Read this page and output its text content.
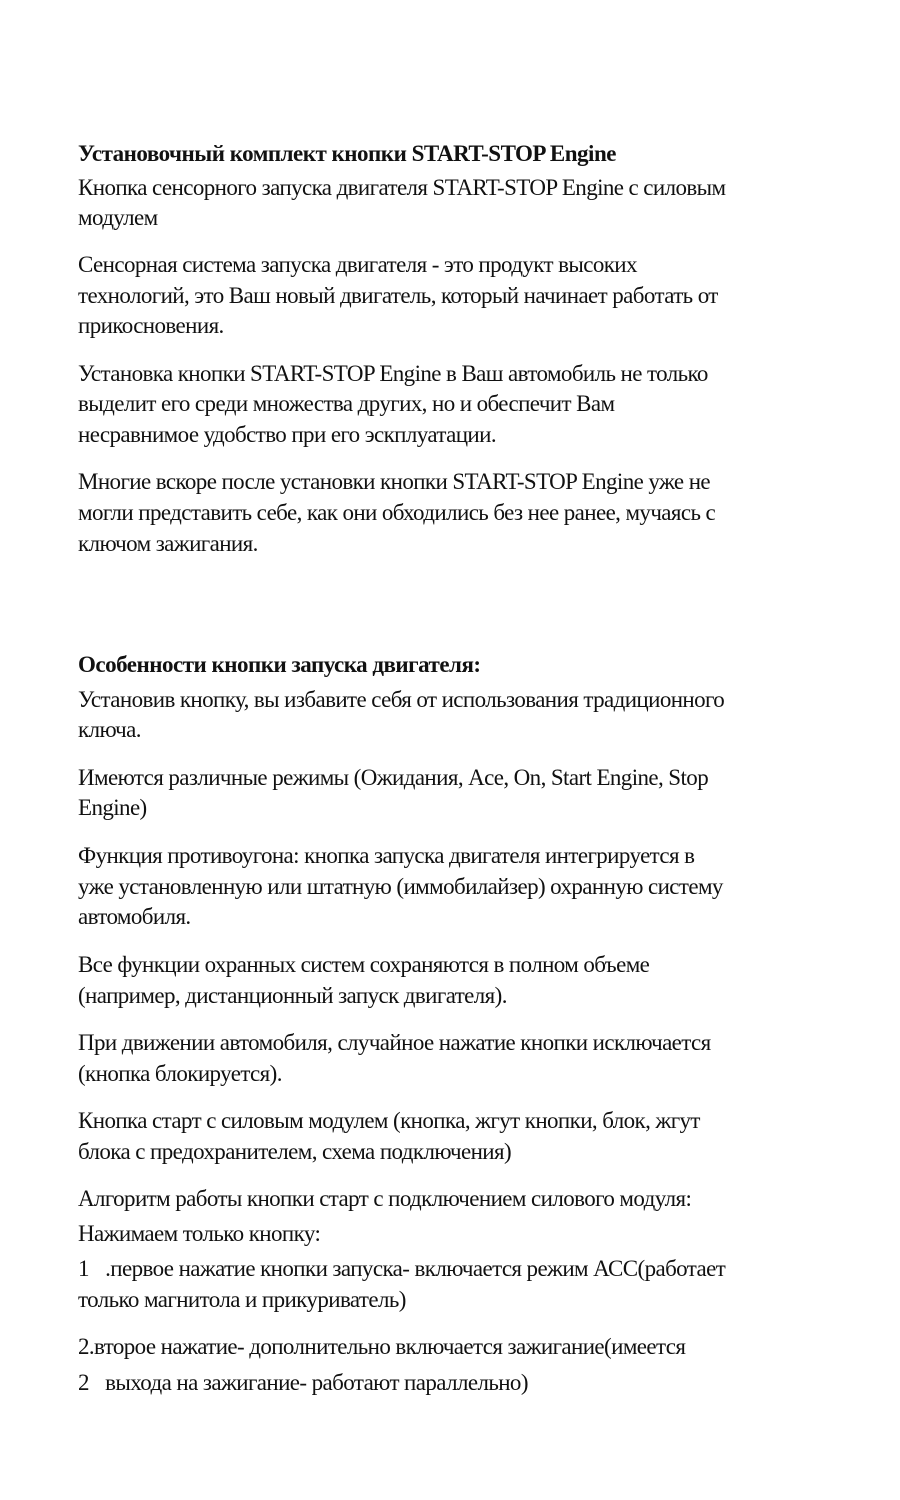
Установочный комплект кнопки START-STOP Engine
Кнопка сенсорного запуска двигателя START-STOP Engine с силовым
модулем
Сенсорная система запуска двигателя - это продукт высоких
технологий, это Ваш новый двигатель, который начинает работать от
прикосновения.
Установка кнопки START-STOP Engine в Ваш автомобиль не только
выделит его среди множества других, но и обеспечит Вам
несравнимое удобство при его эскплуатации.
Многие вскоре после установки кнопки START-STOP Engine уже не
могли представить себе, как они обходились без нее ранее, мучаясь с
ключом зажигания.
Особенности кнопки запуска двигателя:
Установив кнопку, вы избавите себя от использования традиционного
ключа.
Имеются различные режимы (Ожидания, Ace, On, Start Engine, Stop
Engine)
Функция противоугона: кнопка запуска двигателя интегрируется в
уже установленную или штатную (иммобилайзер) охранную систему
автомобиля.
Все функции охранных систем сохраняются в полном объеме
(например, дистанционный запуск двигателя).
При движении автомобиля, случайное нажатие кнопки исключается
(кнопка блокируется).
Кнопка старт с силовым модулем (кнопка, жгут кнопки, блок, жгут
блока с предохранителем, схема подключения)
Алгоритм работы кнопки старт с подключением силового модуля:
Нажимаем только кнопку:
1 .первое нажатие кнопки запуска- включается режим АСС(работает
только магнитола и прикуриватель)
2.второе нажатие- дополнительно включается зажигание(имеется
2 выхода на зажигание- работают параллельно)
